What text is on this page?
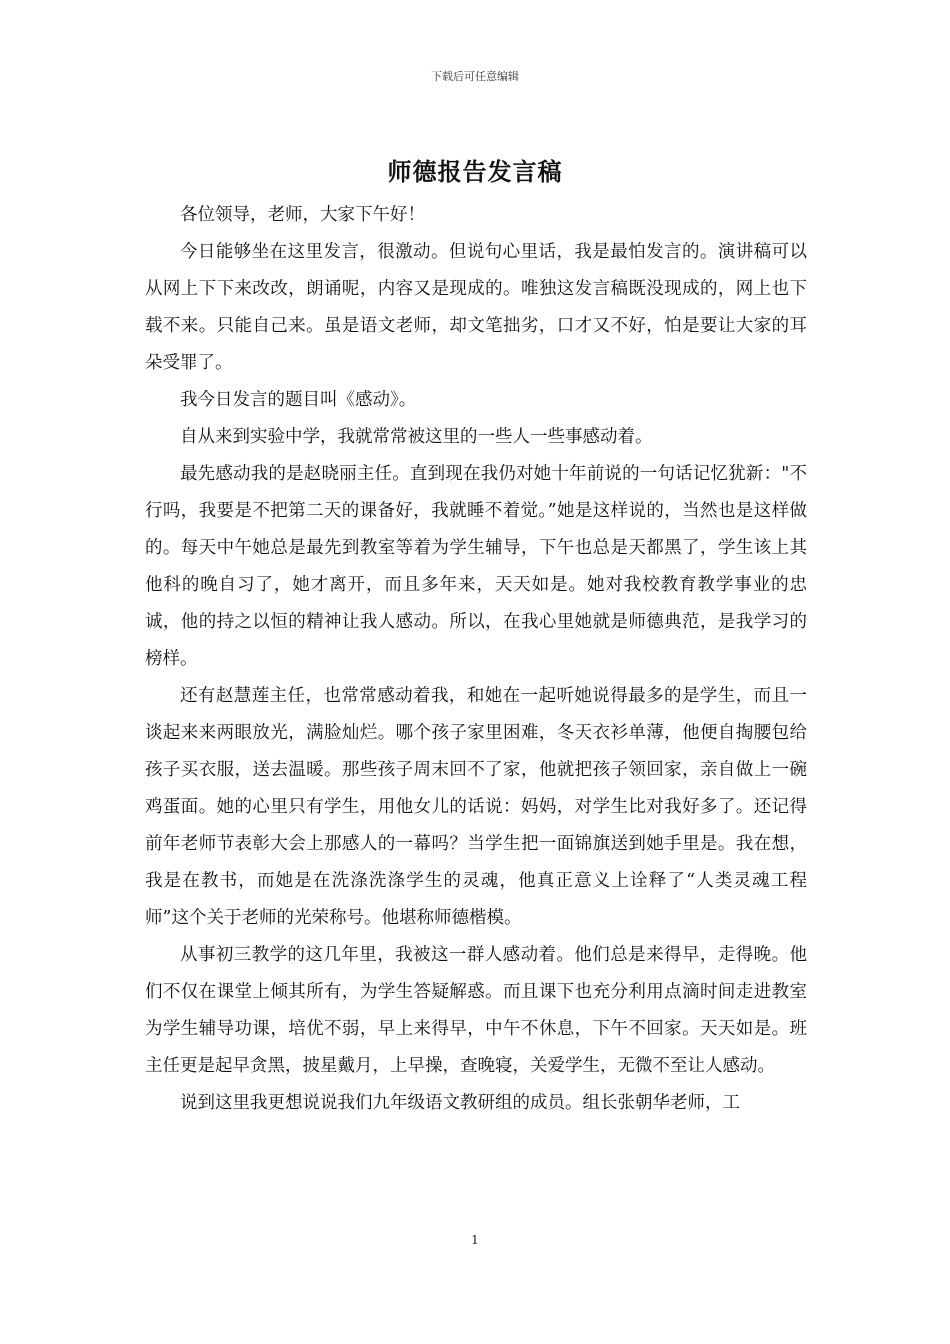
下载后可任意编辑
师德报告发言稿

各位领导，老师，大家下午好！

今日能够坐在这里发言，很激动。但说句心里话，我是最怕发言的。演讲稿可以从网上下下来改改，朗诵呢，内容又是现成的。唯独这发言稿既没现成的，网上也下载不来。只能自己来。虽是语文老师，却文笔拙劣，口才又不好，怕是要让大家的耳朵受罪了。

我今日发言的题目叫《感动》。

自从来到实验中学，我就常常被这里的一些人一些事感动着。

最先感动我的是赵晓丽主任。直到现在我仍对她十年前说的一句话记忆犹新："不行吗，我要是不把第二天的课备好，我就睡不着觉。”她是这样说的，当然也是这样做的。每天中午她总是最先到教室等着为学生辅导，下午也总是天都黑了，学生该上其他科的晚自习了，她才离开，而且多年来，天天如是。她对我校教育教学事业的忠诚，他的持之以恒的精神让我人感动。所以，在我心里她就是师德典范，是我学习的榜样。

还有赵慧莲主任，也常常感动着我，和她在一起听她说得最多的是学生，而且一谈起来来两眼放光，满脸灿烂。哪个孩子家里困难，冬天衣衫单薄，他便自掏腰包给孩子买衣服，送去温暖。那些孩子周末回不了家，他就把孩子领回家，亲自做上一碗鸡蛋面。她的心里只有学生，用他女儿的话说：妈妈，对学生比对我好多了。还记得前年老师节表彰大会上那感人的一幕吗？当学生把一面锦旗送到她手里是。我在想，我是在教书，而她是在洗涤洗涤学生的灵魂，他真正意义上诠释了“人类灵魂工程师”这个关于老师的光荣称号。他堪称师德楷模。

从事初三教学的这几年里，我被这一群人感动着。他们总是来得早，走得晚。他们不仅在课堂上倾其所有，为学生答疑解惑。而且课下也充分利用点滴时间走进教室为学生辅导功课，培优不弱，早上来得早，中午不休息，下午不回家。天天如是。班主任更是起早贪黑，披星戴月，上早操，查晚寝，关爱学生，无微不至让人感动。

说到这里我更想说说我们九年级语文教研组的成员。组长张朝华老师，工

1
